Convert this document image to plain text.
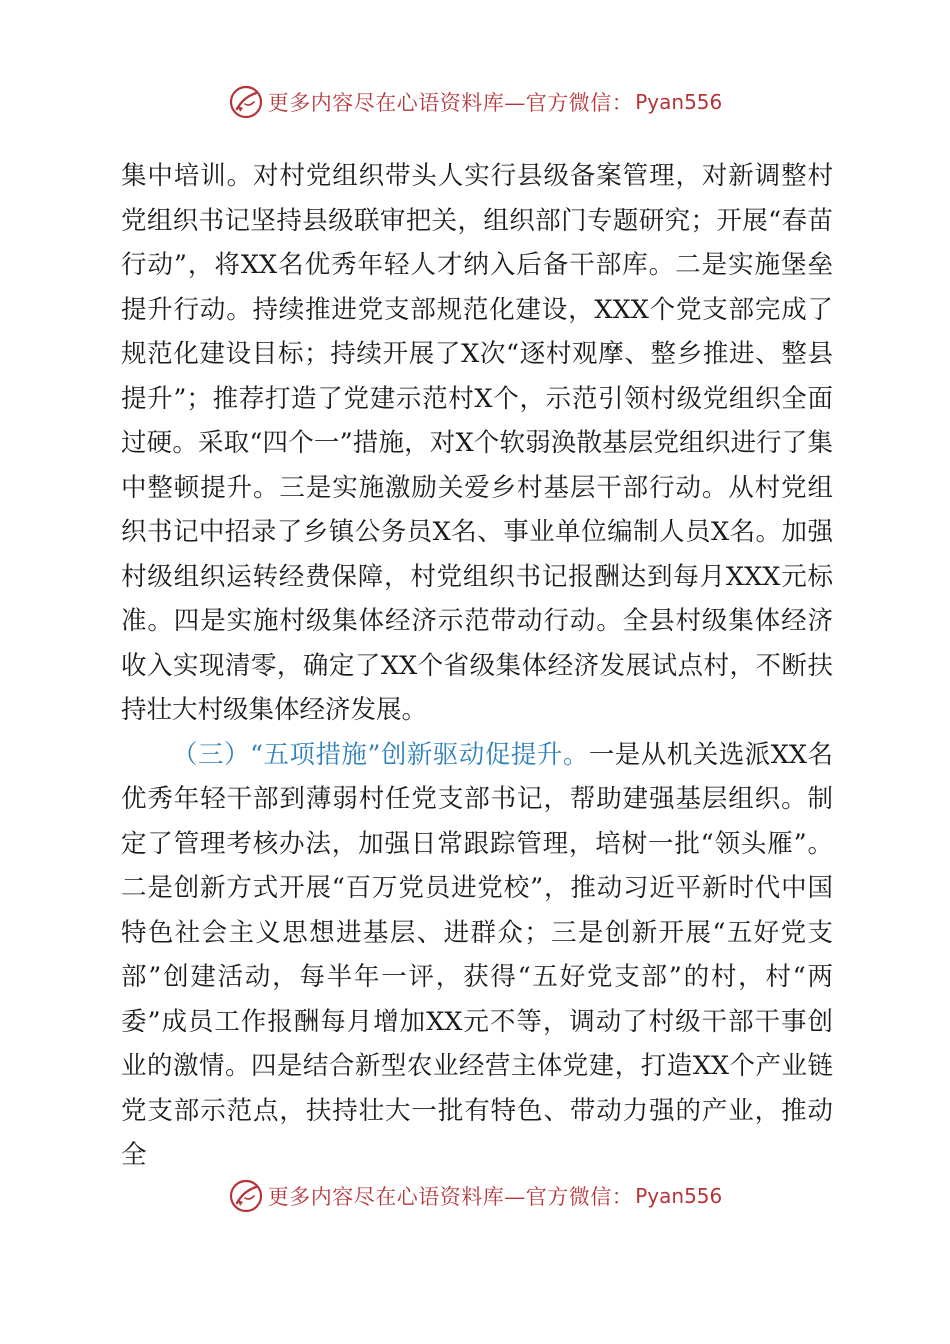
更多内容尽在心语资料库—官方微信： Pyan556

集中培训。对村党组织带头人实行县级备案管理，对新调整村党组织书记坚持县级联审把关，组织部门专题研究；开展“春苗行动”，将XX名优秀年轻人才纳入后备干部库。二是实施堡垒提升行动。持续推进党支部规范化建设，XXX个党支部完成了规范化建设目标；持续开展了X次“逐村观摩、整乡推进、整县提升”；推荐打造了党建示范村X个，示范引领村级党组织全面过硬。采取“四个一”措施，对X个软弱涣散基层党组织进行了集中整顿提升。三是实施激励关爱乡村基层干部行动。从村党组织书记中招录了乡镇公务员X名、事业单位编制人员X名。加强村级组织运转经费保障，村党组织书记报酬达到每月XXX元标准。四是实施村级集体经济示范带动行动。全县村级集体经济收入实现清零，确定了XX个省级集体经济发展试点村，不断扶持壮大村级集体经济发展。

（三）“五项措施”创新驱动促提升。一是从机关选派XX名优秀年轻干部到薄弱村任党支部书记，帮助建强基层组织。制定了管理考核办法，加强日常跟踪管理，培树一批“领头雁”。二是创新方式开展“百万党员进党校”，推动习近平新时代中国特色社会主义思想进基层、进群众；三是创新开展“五好党支部”创建活动，每半年一评，获得“五好党支部”的村，村“两委”成员工作报酬每月增加XX元不等，调动了村级干部干事创业的激情。四是结合新型农业经营主体党建，打造XX个产业链党支部示范点，扶持壮大一批有特色、带动力强的产业，推动全

更多内容尽在心语资料库—官方微信： Pyan556
